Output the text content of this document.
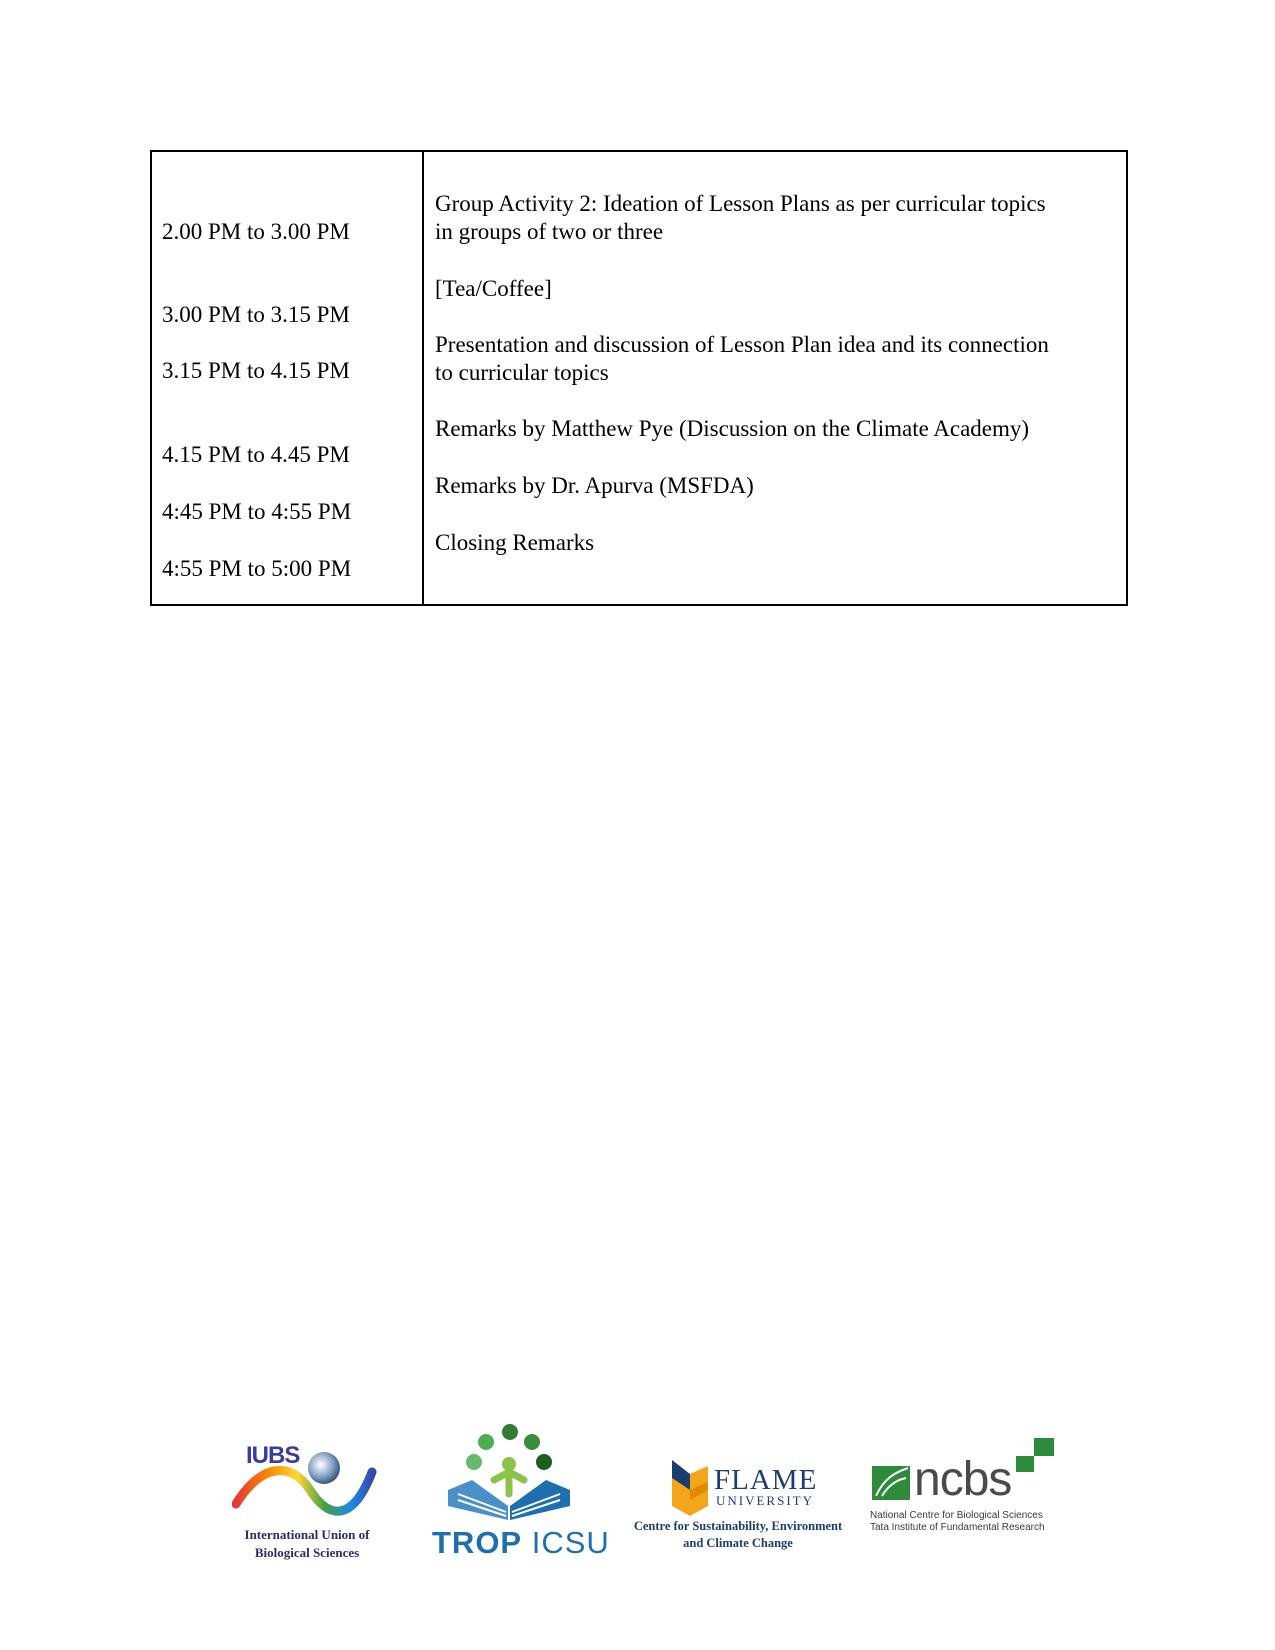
2.00 PM to 3.00 PM
3.00 PM to 3.15 PM
3.15 PM to 4.15 PM
4.15 PM to 4.45 PM
4:45 PM to 4:55 PM
4:55 PM to 5:00 PM
Group Activity 2: Ideation of Lesson Plans as per curricular topics
in groups of two or three
[Tea/Coffee]
Presentation and discussion of Lesson Plan idea and its connection
to curricular topics
Remarks by Matthew Pye (Discussion on the Climate Academy)
Remarks by Dr. Apurva (MSFDA)
Closing Remarks
IUBS
International Union of
Biological Sciences	TROP ICSU
FLAME
UNIVERSITY
Centre for Sustainability, Environment
and Climate Change
ncbs
National Centre for Biological Sciences
Tata Institute of Fundamental Research
